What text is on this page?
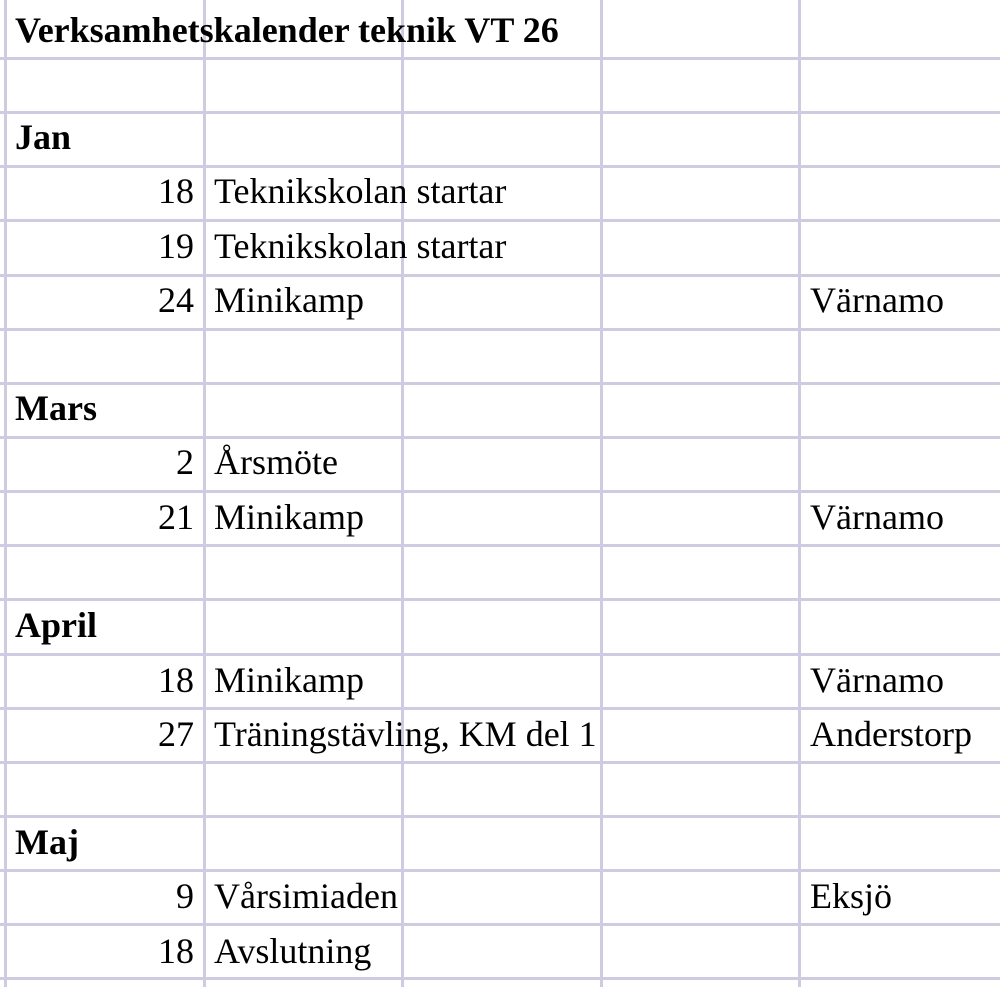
Verksamhetskalender teknik VT 26
Jan
18 Teknikskolan startar
19 Teknikskolan startar
24 Minikamp	Värnamo
Mars
2 Årsmöte
21 Minikamp	Värnamo
April
18 Minikamp	Värnamo
27 Träningstävling, KM del 1	Anderstorp
Maj
9 Vårsimiaden	Eksjö
18 Avslutning
